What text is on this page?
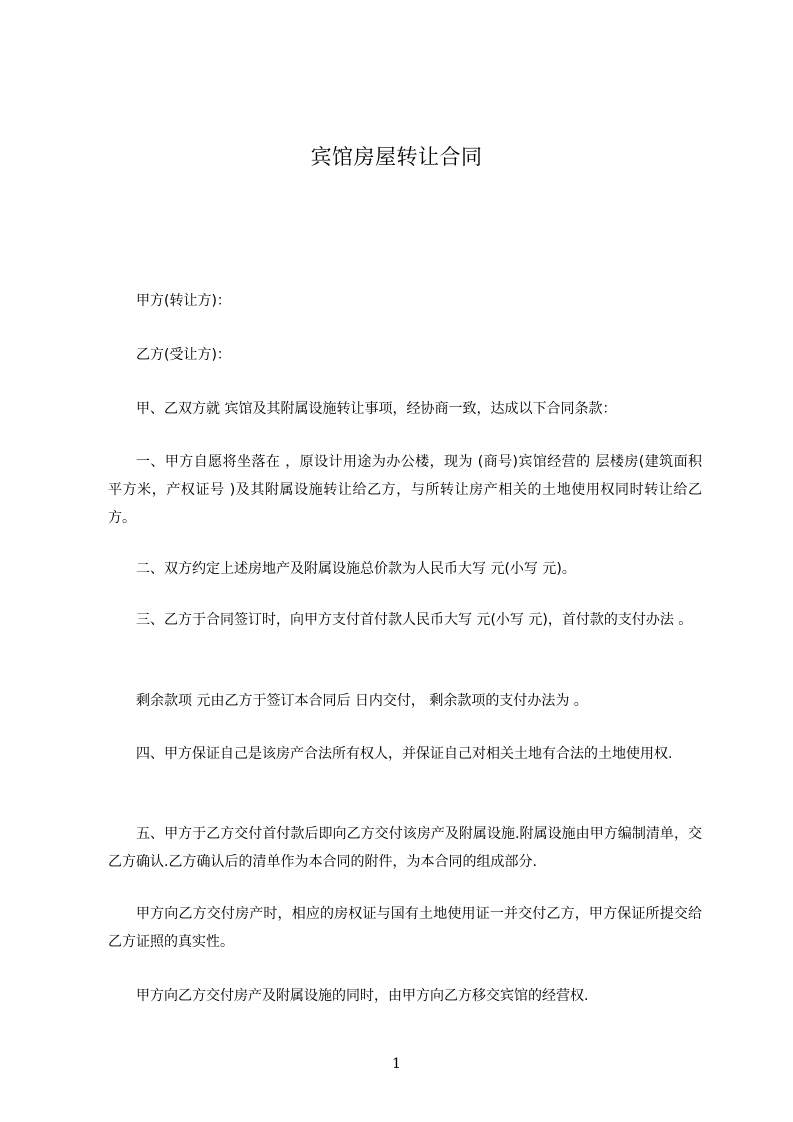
宾馆房屋转让合同
甲方(转让方)：
乙方(受让方)：
甲、乙双方就 宾馆及其附属设施转让事项，经协商一致，达成以下合同条款：
一、甲方自愿将坐落在 ，原设计用途为办公楼，现为 (商号)宾馆经营的 层楼房(建筑面积 平方米，产权证号 )及其附属设施转让给乙方，与所转让房产相关的土地使用权同时转让给乙方。
二、双方约定上述房地产及附属设施总价款为人民币大写 元(小写 元)。
三、乙方于合同签订时，向甲方支付首付款人民币大写 元(小写 元)，首付款的支付办法 。
剩余款项 元由乙方于签订本合同后 日内交付， 剩余款项的支付办法为 。
四、甲方保证自己是该房产合法所有权人，并保证自己对相关土地有合法的土地使用权.
五、甲方于乙方交付首付款后即向乙方交付该房产及附属设施.附属设施由甲方编制清单，交乙方确认.乙方确认后的清单作为本合同的附件，为本合同的组成部分.
甲方向乙方交付房产时，相应的房权证与国有土地使用证一并交付乙方，甲方保证所提交给乙方证照的真实性。
甲方向乙方交付房产及附属设施的同时，由甲方向乙方移交宾馆的经营权.
1
